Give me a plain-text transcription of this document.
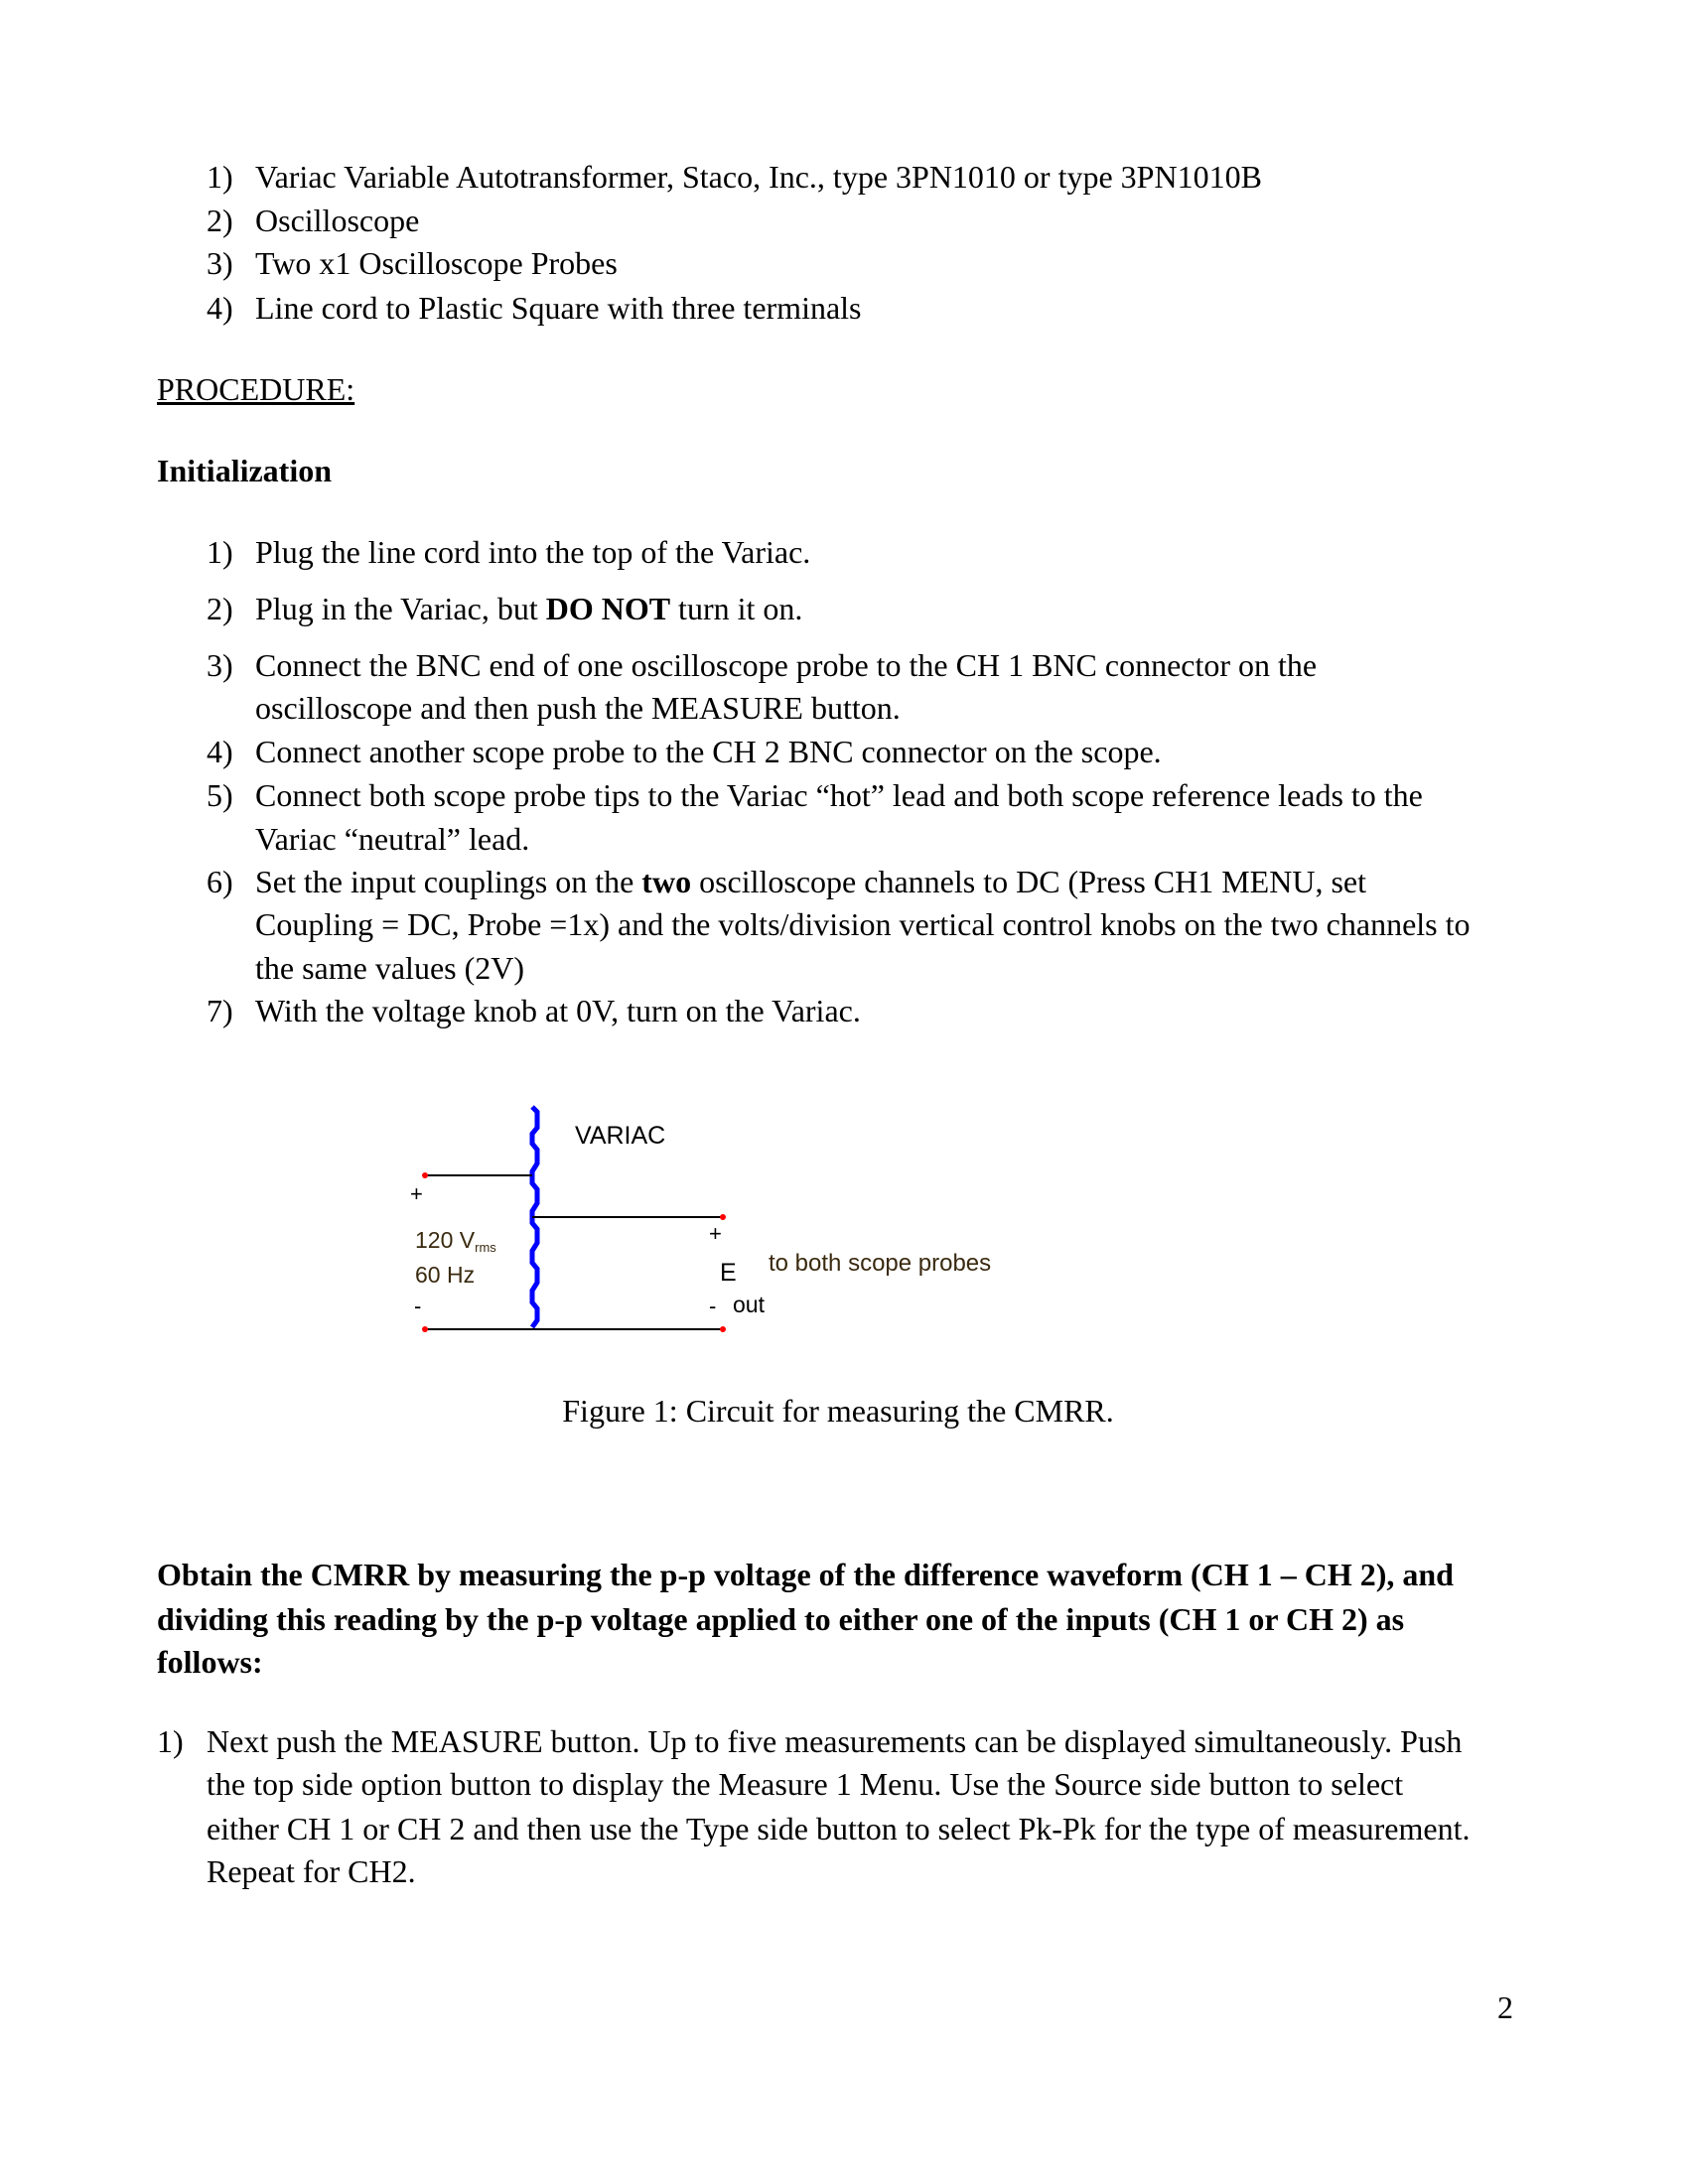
1) Variac Variable Autotransformer, Staco, Inc., type 3PN1010 or type 3PN1010B
2) Oscilloscope
3) Two x1 Oscilloscope Probes
4) Line cord to Plastic Square with three terminals
PROCEDURE:
Initialization
1) Plug the line cord into the top of the Variac.
2) Plug in the Variac, but DO NOT turn it on.
3) Connect the BNC end of one oscilloscope probe to the CH 1 BNC connector on the
oscilloscope and then push the MEASURE button.
4) Connect another scope probe to the CH 2 BNC connector on the scope.
5) Connect both scope probe tips to the Variac “hot” lead and both scope reference leads to the
Variac “neutral” lead.
6) Set the input couplings on the two oscilloscope channels to DC (Press CH1 MENU, set
Coupling = DC, Probe =1x) and the volts/division vertical control knobs on the two channels to
the same values (2V)
7) With the voltage knob at 0V, turn on the Variac.
VARIAC
+
120 Vrms
60 Hz
-
+
E
- out
to both scope probes
Figure 1: Circuit for measuring the CMRR.
Obtain the CMRR by measuring the p-p voltage of the difference waveform (CH 1 – CH 2), and
dividing this reading by the p-p voltage applied to either one of the inputs (CH 1 or CH 2) as
follows:
1) Next push the MEASURE button. Up to five measurements can be displayed simultaneously. Push
the top side option button to display the Measure 1 Menu. Use the Source side button to select
either CH 1 or CH 2 and then use the Type side button to select Pk-Pk for the type of measurement.
Repeat for CH2.
2
